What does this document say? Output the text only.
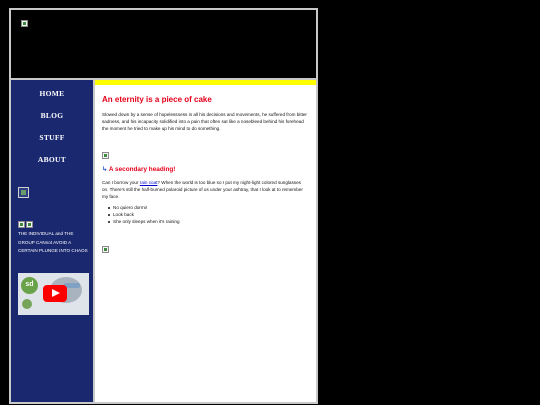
HOME
BLOG
STUFF
ABOUT
THE INDIVIDUAL and THE GROUP CANnot AVOID A CERTAIN PLUNGE INTO CHAOS
sd
An eternity is a piece of cake

Slowed down by a sense of hopelessness in all his decisions and movements, he suffered from bitter sadness, and his incapacity solidified into a pain that often sat like a nosebleed behind his forehead the moment he tried to make up his mind to do something.

↳ A secondary heading!

Can I borrow your rain coat? When the world is too blue so I put my night-light colored sunglasses on. There's still the half-burned polaroid picture of us under your ashtray, that I look at to remember my face.

No quiero dormir
Look back
She only sleeps when it's raining
